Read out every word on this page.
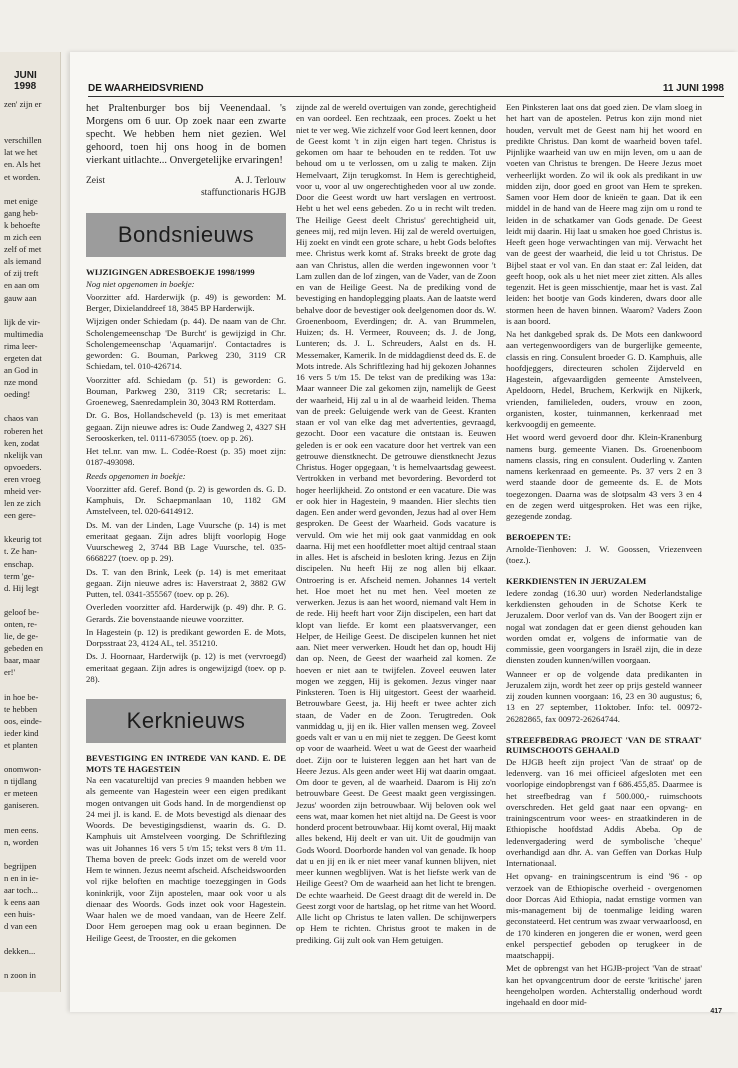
JUNI 1998
zen' zijn er
verschillen
lat we het
en. Als het
et worden.
met enige
gang heb-
k behoefte
m zich een
zelf of met
als iemand
of zij treft
en aan om
gauw aan
lijk de vir-
multimedia
rima leer-
ergeten dat
an God in
nze mond
oeding!
chaos van
roberen het
ken, zodat
nkelijk van
opvoeders.
eren vroeg
mheid ver-
len ze zich
een gere-
kkeurig tot
t. Ze han-
enschap.
term 'ge-
d. Hij legt
geloof be-
onten, re-
lie, de ge-
gebeden en
baar, maar
er!'
in hoe be-
te hebben
oos, einde-
ieder kind
et planten
onomwon-
n tijdlang
er meteen
ganiseren.
men eens.
n, worden
begrijpen
n en in ie-
aar toch...
k eens aan
een huis-
d van een
dekken...
n zoon in
DE WAARHEIDSVRIEND	11 JUNI 1998

het Praltenburger bos bij Veenendaal. 's Morgens om 6 uur. Op zoek naar een zwarte specht. We hebben hem niet gezien. Wel gehoord, toen hij ons hoog in de bomen vierkant uitlachte... Onvergetelijke ervaringen!

Zeist	A. J. Terlouw
staffunctionaris HGJB
Bondsnieuws
WIJZIGINGEN ADRESBOEKJE 1998/1999

Nog niet opgenomen in boekje:

Voorzitter afd. Harderwijk (p. 49) is geworden: M. Berger, Dixielanddreef 18, 3845 BP Harderwijk.

Wijzigen onder Schiedam (p. 44). De naam van de Chr. Scholengemeenschap 'De Burcht' is gewijzigd in Chr. Scholengemeenschap 'Aquamarijn'. Contactadres is geworden: G. Bouman, Parkweg 230, 3119 CR Schiedam, tel. 010-426714.

Voorzitter afd. Schiedam (p. 51) is geworden: G. Bouman, Parkweg 230, 3119 CR; secretaris: L. Groeneweg, Saenredamplein 30, 3043 RM Rotterdam.

Dr. G. Bos, Hollandscheveld (p. 13) is met emeritaat gegaan. Zijn nieuwe adres is: Oude Zandweg 2, 4327 SH Serooskerken, tel. 0111-673055 (toev. op p. 26).

Het tel.nr. van mw. L. Codée-Roest (p. 35) moet zijn: 0187-493098.

Reeds opgenomen in boekje:

Voorzitter afd. Geref. Bond (p. 2) is geworden ds. G. D. Kamphuis, Dr. Schaepmanlaan 10, 1182 GM Amstelveen, tel. 020-6414912.

Ds. M. van der Linden, Lage Vuursche (p. 14) is met emeritaat gegaan. Zijn adres blijft voorlopig Hoge Vuurscheweg 2, 3744 BB Lage Vuursche, tel. 035-6668227 (toev. op p. 29).

Ds. T. van den Brink, Leek (p. 14) is met emeritaat gegaan. Zijn nieuwe adres is: Haverstraat 2, 3882 GW Putten, tel. 0341-355567 (toev. op p. 26).

Overleden voorzitter afd. Harderwijk (p. 49) dhr. P. G. Gerards. Zie bovenstaande nieuwe voorzitter.

In Hagestein (p. 12) is predikant geworden E. de Mots, Dorpsstraat 23, 4124 AL, tel. 351210.

Ds. J. Hoornaar, Harderwijk (p. 12) is met (vervroegd) emeritaat gegaan. Zijn adres is ongewijzigd (toev. op p. 28).

Kerknieuws
BEVESTIGING EN INTREDE VAN KAND. E. DE MOTS TE HAGESTEIN

Na een vacatureltijd van precies 9 maanden hebben we als gemeente van Hagestein weer een eigen predikant mogen ontvangen uit Gods hand. In de morgendienst op 24 mei jl. is kand. E. de Mots bevestigd als dienaar des Woords. De bevestigingsdienst, waarin ds. G. D. Kamphuis uit Amstelveen voorging. De Schriftlezing was uit Johannes 16 vers 5 t/m 15; tekst vers 8 t/m 11. Thema boven de preek: Gods inzet om de wereld voor Hem te winnen. Jezus neemt afscheid. Afscheidswoorden vol rijke beloften en machtige toezeggingen in Gods koninkrijk, voor Zijn apostelen, maar ook voor u als dienaar des Woords. Gods inzet ook voor Hagestein. Waar halen we de moed vandaan, van de Heere Zelf. Door Hem geroepen mag ook u eraan beginnen. De Heilige Geest, de Trooster, en die gekomen

zijnde zal de wereld overtuigen van zonde, gerechtigheid en van oordeel. Een rechtzaak, een proces. Zoekt u het niet te ver weg. Wie zichzelf voor God leert kennen, door de Geest komt 't in zijn eigen hart tegen. Christus is gekomen om haar te behouden en te redden. Tot uw behoud om u te verlossen, om u zalig te maken. Zijn Hemelvaart, Zijn terugkomst. In Hem is gerechtigheid, voor u, voor al uw ongerechtigheden voor al uw zonde. Door die Geest wordt uw hart verslagen en vertroost. Hebt u het wel eens gebeden. Zo u in recht wilt treden. The Heilige Geest deelt Christus' gerechtigheid uit, genees mij, red mijn leven. Hij zal de wereld overtuigen, Hij zoekt en vindt een grote schare, u hebt Gods beloftes mee. Christus werk komt af. Straks breekt de grote dag aan van Christus, allen die werden ingewonnen voor 't Lam zullen dan de lof zingen, van de Vader, van de Zoon en van de Heilige Geest. Na de prediking vond de bevestiging en handoplegging plaats. Aan de laatste werd behalve door de bevestiger ook deelgenomen door ds. W. Groenenboom, Everdingen; dr. A. van Brummelen, Huizen; ds. H. Vermeer, Rouveen; ds. J. de Jong, Lunteren; ds. J. L. Schreuders, Aalst en ds. H. Messemaker, Kamerik. In de middagdienst deed ds. E. de Mots intrede. Als Schriftlezing had hij gekozen Johannes 16 vers 5 t/m 15. De tekst van de prediking was 13a: Maar wanneer Die zal gekomen zijn, namelijk de Geest der waarheid, Hij zal u in al de waarheid leiden. Thema van de preek: Geluigende werk van de Geest. Kranten staan er vol van elke dag met advertenties, gevraagd, gezocht. Door een vacature die ontstaan is. Eeuwen geleden is er ook een vacature door het vertrek van een getrouwe dienstknecht. De getrouwe dienstknecht Jezus Christus. Hoger opgegaan, 't is hemelvaartsdag geweest. Vertrokken in verband met bevordering. Bevorderd tot hoger heerlijkheid. Zo ontstond er een vacature. Die was er ook hier in Hagestein, 9 maanden. Hier slechts tien dagen. Een ander werd gevonden, Jezus had al over Hem gesproken. De Geest der Waarheid. Gods vacature is vervuld. Om wie het mij ook gaat vanmiddag en ook daarna. Hij met een hoofdletter moet altijd centraal staan in alles. Het is afscheid in besloten kring. Jezus en Zijn discipelen. Nu heeft Hij ze nog allen bij elkaar. Ontroering is er. Afscheid nemen. Johannes 14 vertelt het. Hoe moet het nu met hen. Veel moeten ze verwerken. Jezus is aan het woord, niemand valt Hem in de rede. Hij heeft hart voor Zijn discipelen, een hart dat klopt van liefde. Er komt een plaatsvervanger, een Helper, de Heilige Geest. De discipelen kunnen het niet aan. Niet meer verwerken. Houdt het dan op, houdt Hij dan op. Neen, de Geest der waarheid zal komen. Ze hoeven er niet aan te twijfelen. Zoveel eeuwen later mogen we zeggen, Hij is gekomen. Jezus vinger naar Pinksteren. Toen is Hij uitgestort. Geest der waarheid. Betrouwbare Geest, ja. Hij heeft er twee achter zich staan, de Vader en de Zoon. Terugtreden. Ook vanmiddag u, jij en ik. Hier vallen mensen weg. Zoveel goeds valt er van u en mij niet te zeggen. De Geest komt op voor de waarheid. Weet u wat de Geest der waarheid doet. Zijn oor te luisteren leggen aan het hart van de Heere Jezus. Als geen ander weet Hij wat daarin omgaat. Om door te geven, al de waarheid. Daarom is Hij zo'n betrouwbare Geest. De Geest maakt geen vergissingen. Jezus' woorden zijn betrouwbaar. Wij beloven ook wel eens wat, maar komen het niet altijd na. De Geest is voor honderd procent betrouwbaar. Hij komt overal, Hij maakt alles bekend, Hij deelt er van uit. Uit de goudmijn van Gods Woord. Doorborde handen vol van genade. Ik hoop dat u en jij en ik er niet meer vanaf kunnen blijven, niet meer kunnen wegblijven. Wat is het liefste werk van de Heilige Geest? Om de waarheid aan het licht te brengen. De echte waarheid. De Geest draagt dit de wereld in. De Geest zorgt voor de hartslag, op het ritme van het Woord. Alle licht op Christus te laten vallen. De schijnwerpers op Hem te richten. Christus groot te maken in de prediking. Gij zult ook van Hem getuigen.

Een Pinksteren laat ons dat goed zien. De vlam sloeg in het hart van de apostelen. Petrus kon zijn mond niet houden, vervult met de Geest nam hij het woord en predikte Christus. Dan komt de waarheid boven tafel. Pijnlijke waarheid van uw en mijn leven, om u aan de voeten van Christus te brengen. De Heere Jezus moet verheerlijkt worden. Zo wil ik ook als predikant in uw midden zijn, door goed en groot van Hem te spreken. Samen voor Hem door de knieën te gaan. Dat ik een middel in de hand van de Heere mag zijn om u rond te leiden in de schatkamer van Gods genade. De Geest leidt mij daarin. Hij laat u smaken hoe goed Christus is. Heeft geen hoge verwachtingen van mij. Verwacht het van de geest der waarheid, die leid u tot Christus. De Bijbel staat er vol van. En dan staat er: Zal leiden, dat geeft hoop, ook als u het niet meer ziet zitten. Als alles tegenzit. Het is geen misschientje, maar het is vast. Zal leiden: het bootje van Gods kinderen, dwars door alle stormen heen de haven binnen. Waarom? Vaders Zoon is aan boord.

Na het dankgebed sprak ds. De Mots een dankwoord aan vertegenwoordigers van de burgerlijke gemeente, classis en ring. Consulent broeder G. D. Kamphuis, alle hoofdjeggers, directeuren scholen Zijderveld en Hagestein, afgevaardigden gemeente Amstelveen, Apeldoorn, Hedel, Bruchem, Kerkwijk en Nijkerk, vrienden, familieleden, ouders, vrouw en zoon, organisten, koster, tuinmannen, kerkenraad met kerkvoogdij en gemeente.

Het woord werd gevoerd door dhr. Klein-Kranenburg namens burg. gemeente Vianen. Ds. Groenenboom namens classis, ring en consulent. Ouderling v. Zanten namens kerkenraad en gemeente. Ps. 37 vers 2 en 3 werd staande door de gemeente ds. E. de Mots toegezongen. Daarna was de slotpsalm 43 vers 3 en 4 en de zegen werd uitgesproken. Het was een rijke, gezegende zondag.

BEROEPEN TE:

Arnolde-Tienhoven: J. W. Goossen, Vriezenveen (toez.).

KERKDIENSTEN IN JERUZALEM

Iedere zondag (16.30 uur) worden Nederlandstalige kerkdiensten gehouden in de Schotse Kerk te Jeruzalem. Door verlof van ds. Van der Boogert zijn er nogal wat zondagen dat er geen dienst gehouden kan worden omdat er, volgens de informatie van de commissie, geen voorgangers in Israël zijn, die in deze diensten zouden kunnen/willen voorgaan.

Wanneer er op de volgende data predikanten in Jeruzalem zijn, wordt het zeer op prijs gesteld wanneer zij zouden kunnen voorgaan: 16, 23 en 30 augustus; 6, 13 en 27 september, 11oktober. Info: tel. 00972-26282865, fax 00972-26264744.

STREEFBEDRAG PROJECT 'VAN DE STRAAT' RUIMSCHOOTS GEHAALD

De HJGB heeft zijn project 'Van de straat' op de ledenverg. van 16 mei officieel afgesloten met een voorlopige eindopbrengst van f 686.455,85. Daarmee is het streefbedrag van f 500.000,- ruimschoots overschreden. Het geld gaat naar een opvang- en trainingscentrum voor wees- en straatkinderen in de Ethiopische hoofdstad Addis Abeba. Op de ledenvergadering werd de symbolische 'cheque' overhandigd aan dhr. A. van Geffen van Dorkas Hulp Internationaal.

Het opvang- en trainingscentrum is eind '96 - op verzoek van de Ethiopische overheid - overgenomen door Dorcas Aid Ethiopia, nadat ernstige vormen van mis-management bij de toenmalige leiding waren geconstateerd. Het centrum was zwaar verwaarloosd, en de 170 kinderen en jongeren die er wonen, werd geen enkel perspectief geboden op terugkeer in de maatschappij.

Met de opbrengst van het HGJB-project 'Van de straat' kan het opvangcentrum door de eerste 'kritische' jaren heengeholpen worden. Achterstallig onderhoud wordt ingehaald en door mid-

417
